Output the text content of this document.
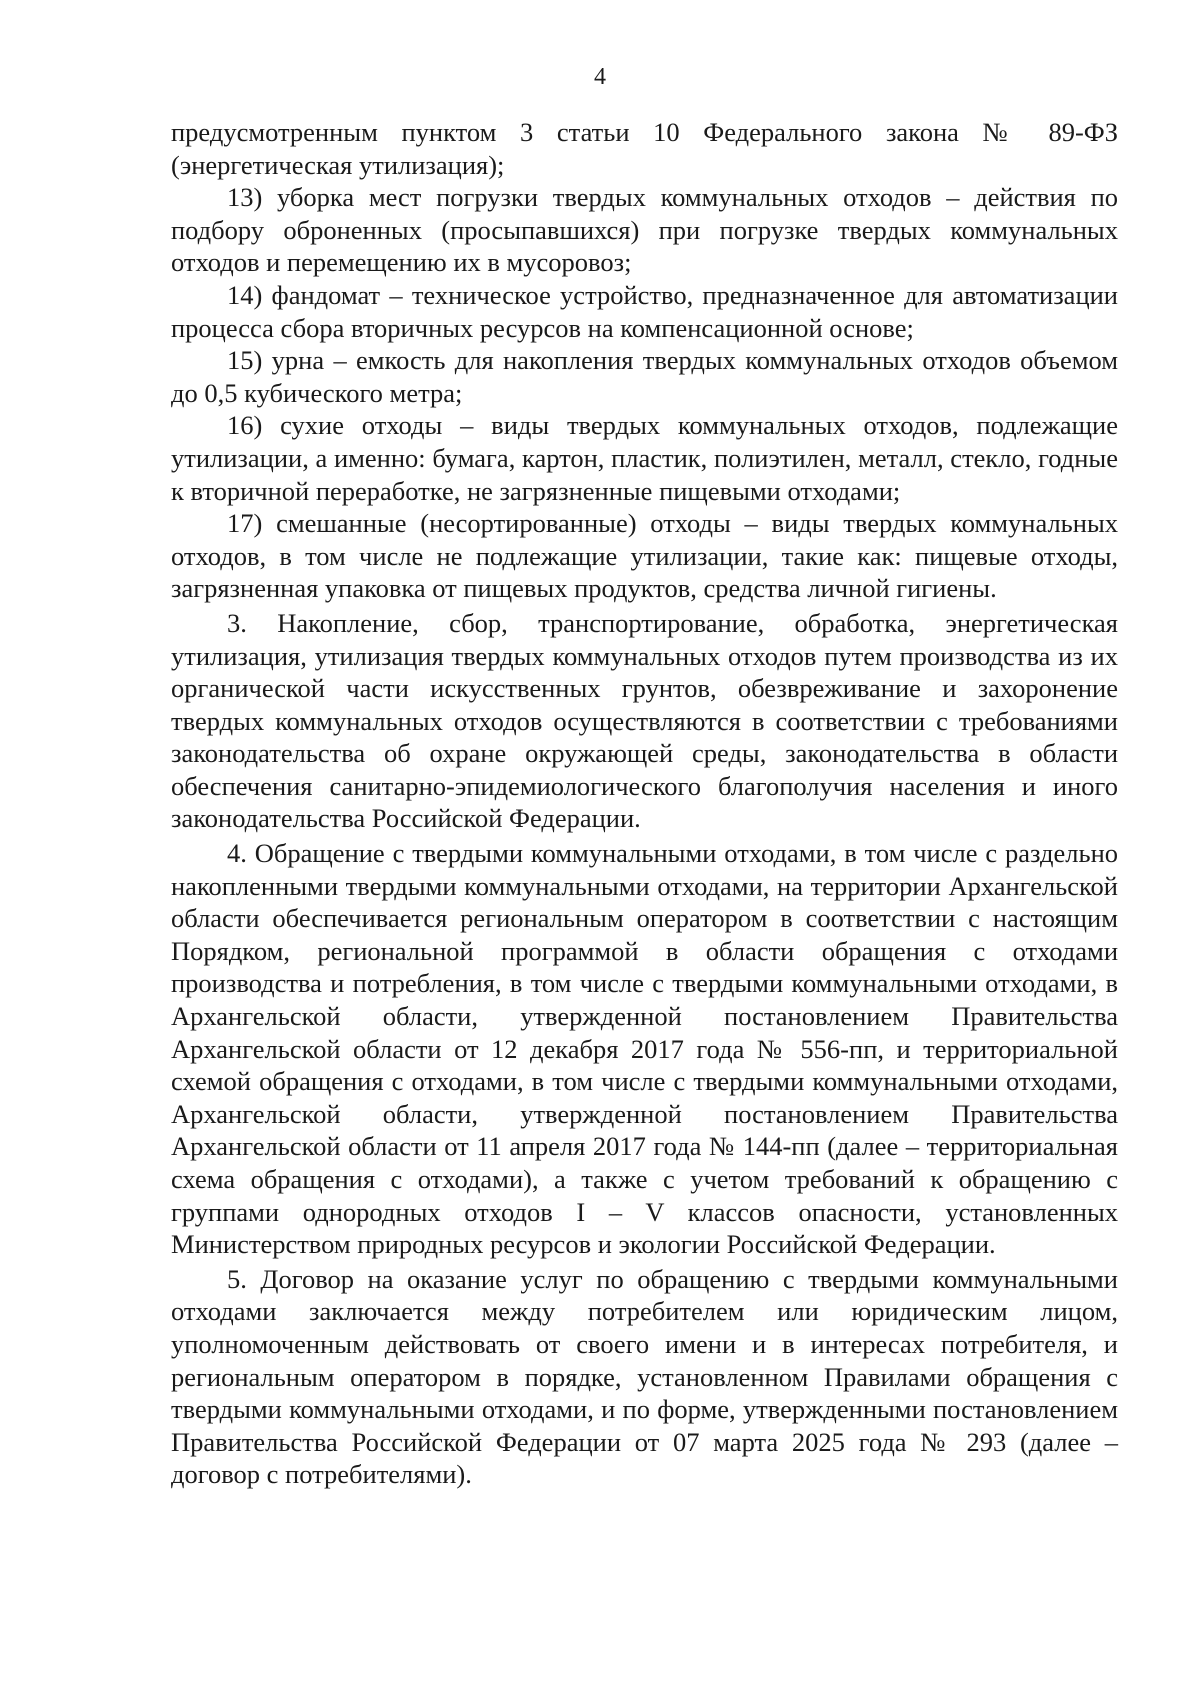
4

предусмотренным пунктом 3 статьи 10 Федерального закона № 89-ФЗ (энергетическая утилизация);

13) уборка мест погрузки твердых коммунальных отходов – действия по подбору оброненных (просыпавшихся) при погрузке твердых коммунальных отходов и перемещению их в мусоровоз;

14) фандомат – техническое устройство, предназначенное для автоматизации процесса сбора вторичных ресурсов на компенсационной основе;

15) урна – емкость для накопления твердых коммунальных отходов объемом до 0,5 кубического метра;

16) сухие отходы – виды твердых коммунальных отходов, подлежащие утилизации, а именно: бумага, картон, пластик, полиэтилен, металл, стекло, годные к вторичной переработке, не загрязненные пищевыми отходами;

17) смешанные (несортированные) отходы – виды твердых коммунальных отходов, в том числе не подлежащие утилизации, такие как: пищевые отходы, загрязненная упаковка от пищевых продуктов, средства личной гигиены.

3. Накопление, сбор, транспортирование, обработка, энергетическая утилизация, утилизация твердых коммунальных отходов путем производства из их органической части искусственных грунтов, обезвреживание и захоронение твердых коммунальных отходов осуществляются в соответствии с требованиями законодательства об охране окружающей среды, законодательства в области обеспечения санитарно-эпидемиологического благополучия населения и иного законодательства Российской Федерации.

4. Обращение с твердыми коммунальными отходами, в том числе с раздельно накопленными твердыми коммунальными отходами, на территории Архангельской области обеспечивается региональным оператором в соответствии с настоящим Порядком, региональной программой в области обращения с отходами производства и потребления, в том числе с твердыми коммунальными отходами, в Архангельской области, утвержденной постановлением Правительства Архангельской области от 12 декабря 2017 года № 556-пп, и территориальной схемой обращения с отходами, в том числе с твердыми коммунальными отходами, Архангельской области, утвержденной постановлением Правительства Архангельской области от 11 апреля 2017 года № 144-пп (далее – территориальная схема обращения с отходами), а также с учетом требований к обращению с группами однородных отходов I – V классов опасности, установленных Министерством природных ресурсов и экологии Российской Федерации.

5. Договор на оказание услуг по обращению с твердыми коммунальными отходами заключается между потребителем или юридическим лицом, уполномоченным действовать от своего имени и в интересах потребителя, и региональным оператором в порядке, установленном Правилами обращения с твердыми коммунальными отходами, и по форме, утвержденными постановлением Правительства Российской Федерации от 07 марта 2025 года № 293 (далее – договор с потребителями).
